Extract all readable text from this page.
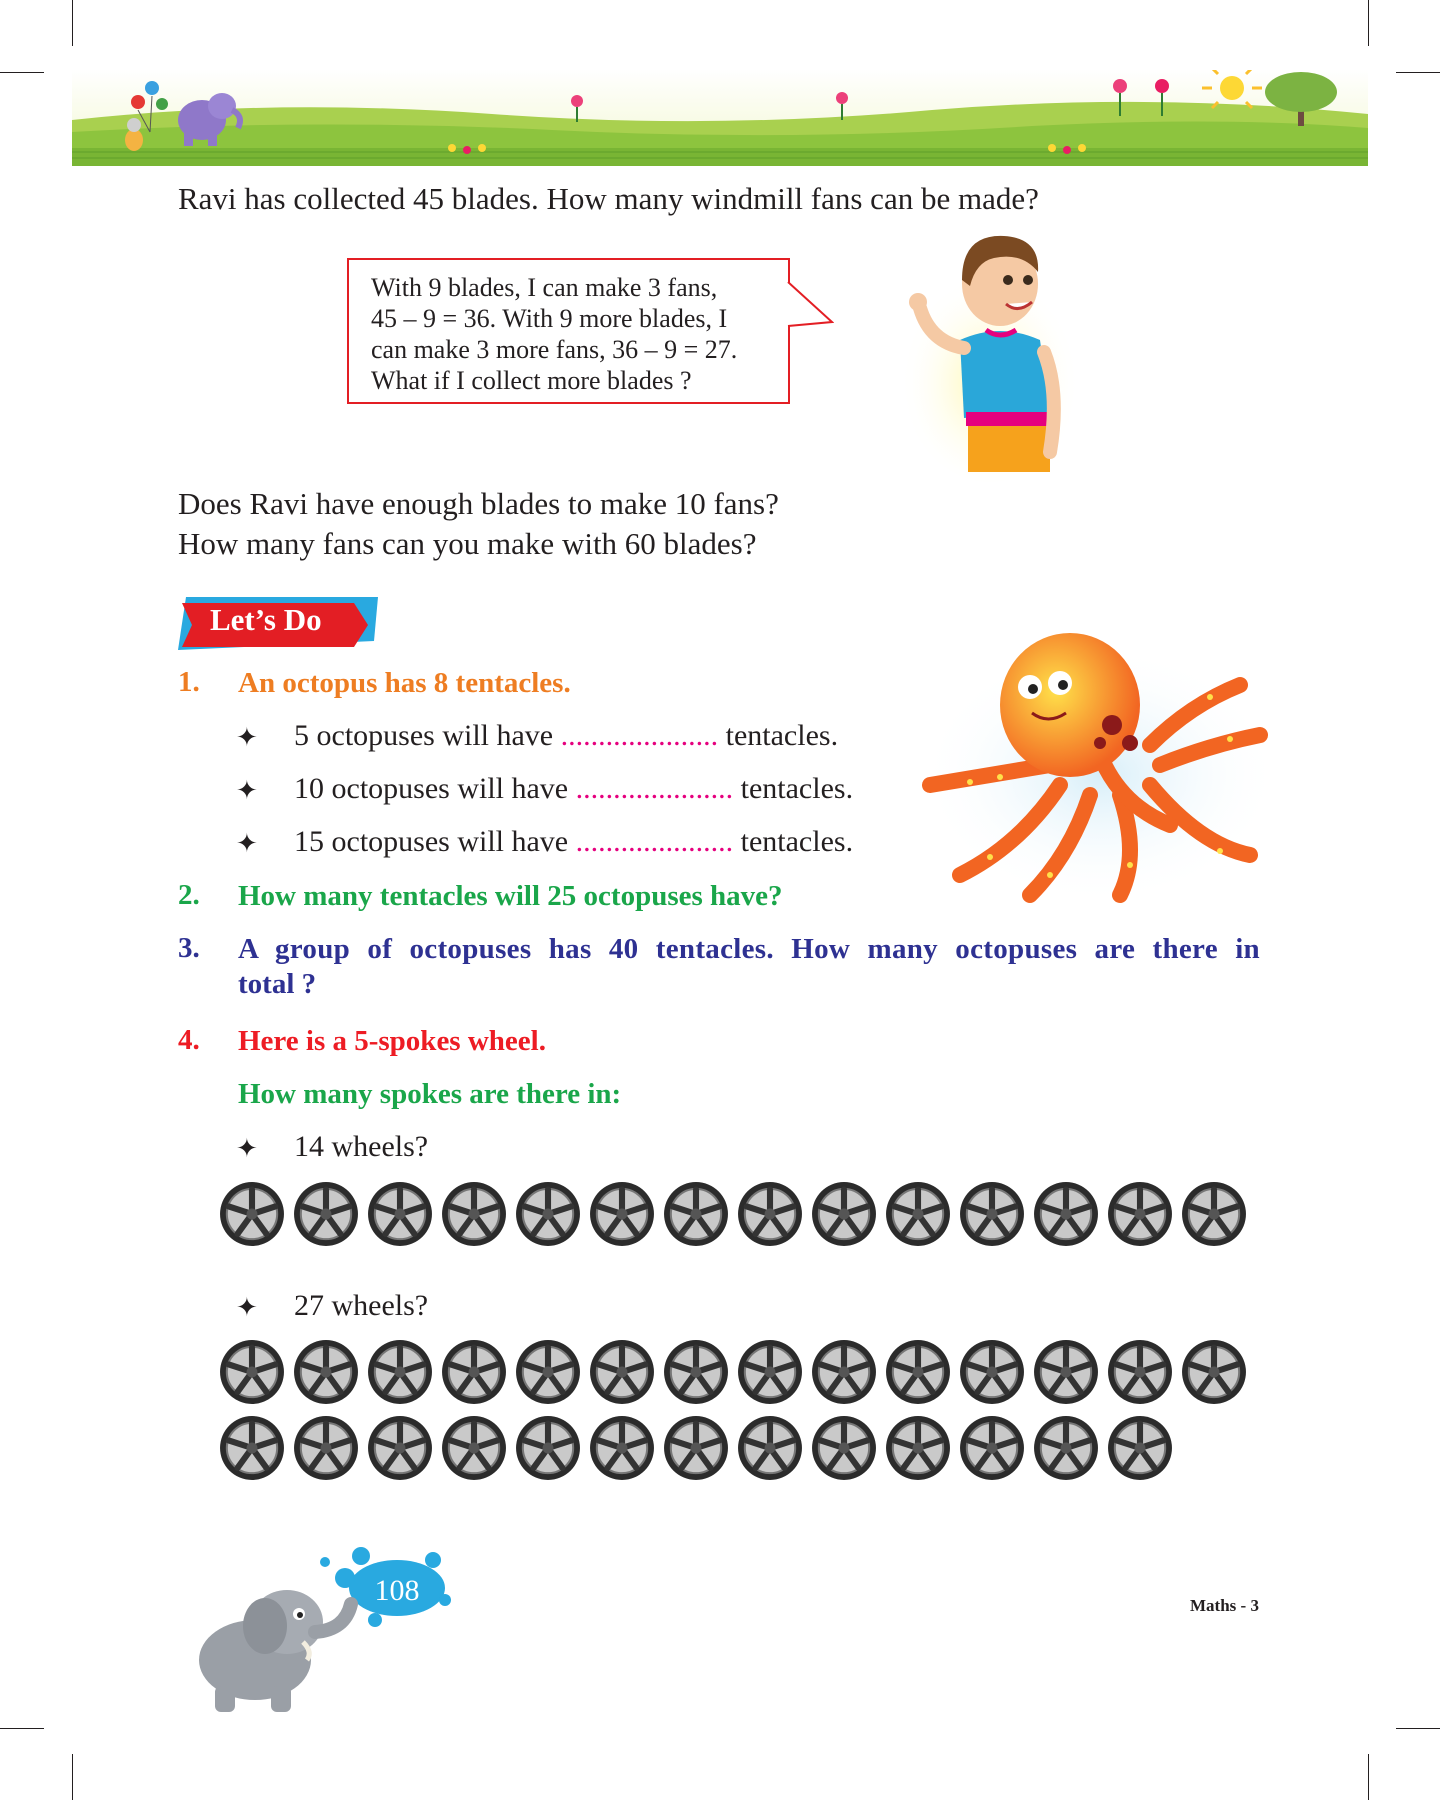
Ravi has collected 45 blades. How many windmill fans can be made?
With 9 blades, I can make 3 fans,
45 – 9 = 36. With 9 more blades, I
can make 3 more fans, 36 – 9 = 27.
What if I collect more blades ?
Does Ravi have enough blades to make 10 fans?
How many fans can you make with 60 blades?
Let’s Do
1. An octopus has 8 tentacles.
✦ 5 octopuses will have ..................... tentacles.
✦ 10 octopuses will have ..................... tentacles.
✦ 15 octopuses will have ..................... tentacles.
2. How many tentacles will 25 octopuses have?
3. A group of octopuses has 40 tentacles. How many octopuses are there in
total ?
4. Here is a 5-spokes wheel.
How many spokes are there in:
✦ 14 wheels?
✦ 27 wheels?
108	Maths - 3
